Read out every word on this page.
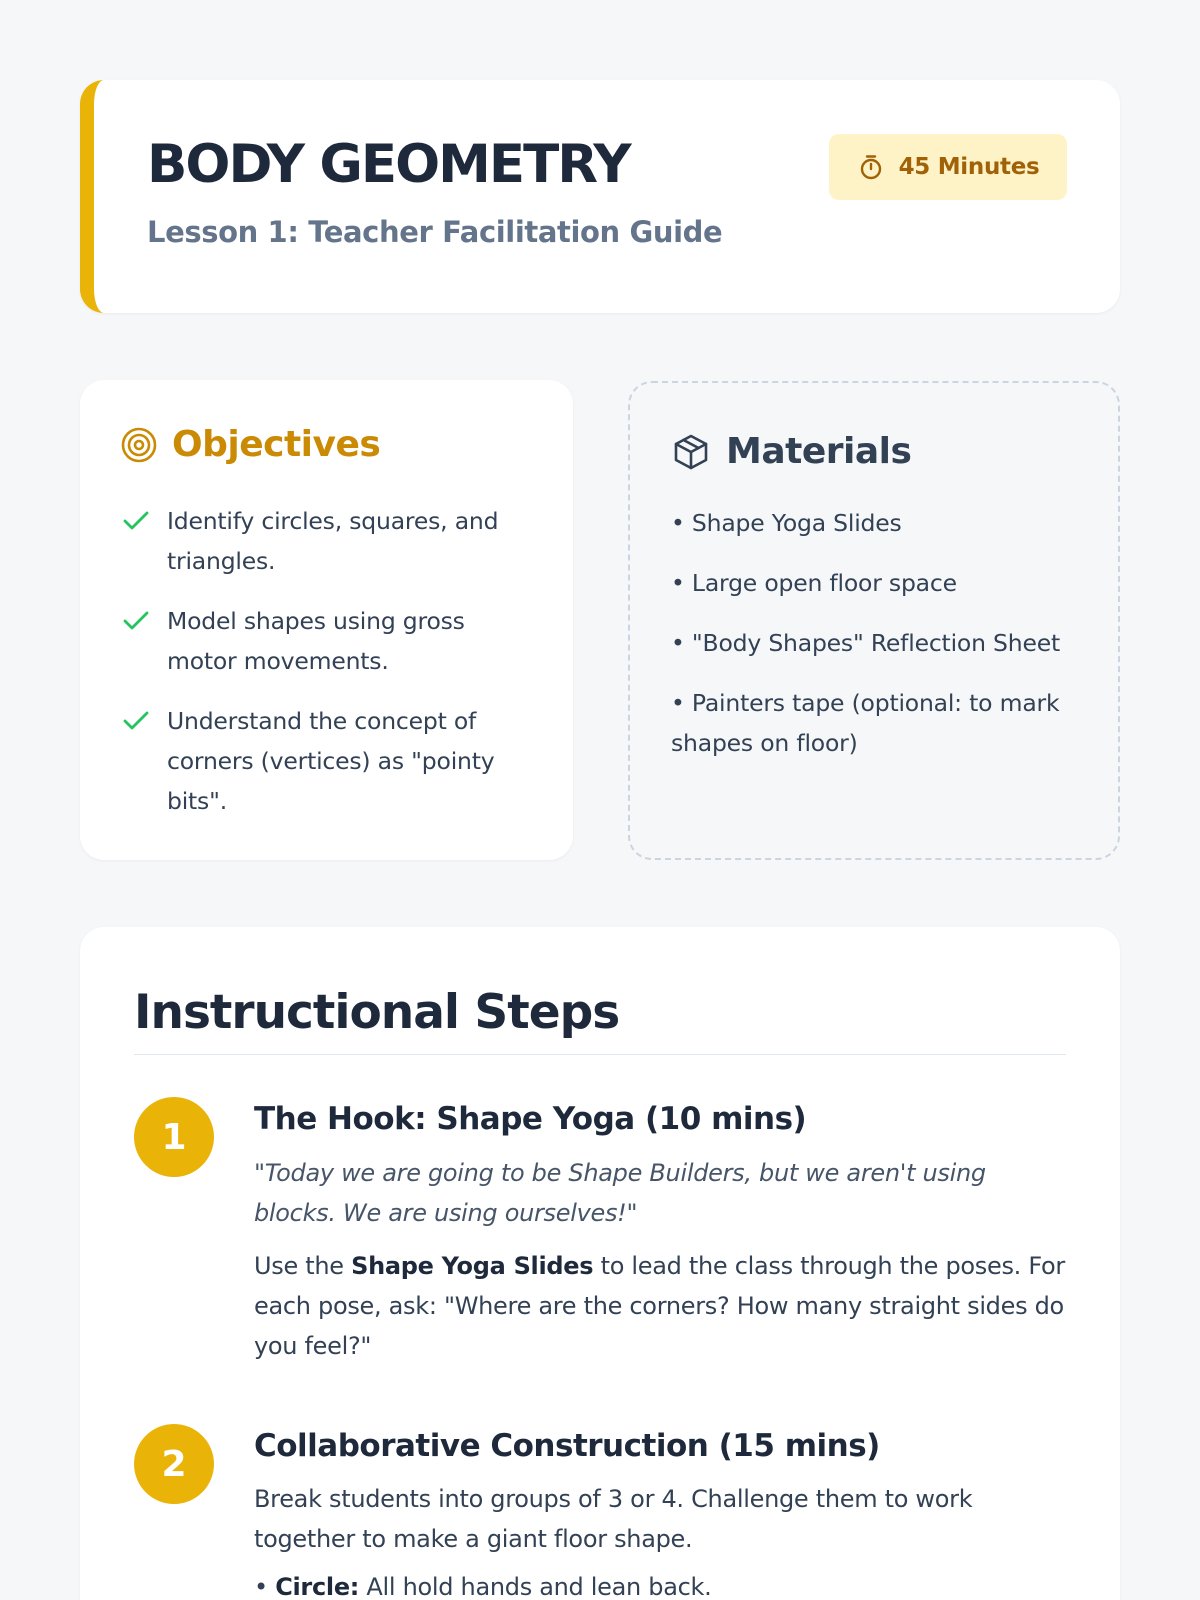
BODY GEOMETRY
Lesson 1: Teacher Facilitation Guide
45 Minutes
Objectives
Identify circles, squares, and triangles.
Model shapes using gross motor movements.
Understand the concept of corners (vertices) as "pointy bits".
Materials
• Shape Yoga Slides
• Large open floor space
• "Body Shapes" Reflection Sheet
• Painters tape (optional: to mark shapes on floor)
Instructional Steps
1	The Hook: Shape Yoga (10 mins)

"Today we are going to be Shape Builders, but we aren't using blocks. We are using ourselves!"

Use the Shape Yoga Slides to lead the class through the poses. For each pose, ask: "Where are the corners? How many straight sides do you feel?"

2	Collaborative Construction (15 mins)

Break students into groups of 3 or 4. Challenge them to work together to make a giant floor shape.

• Circle: All hold hands and lean back.
